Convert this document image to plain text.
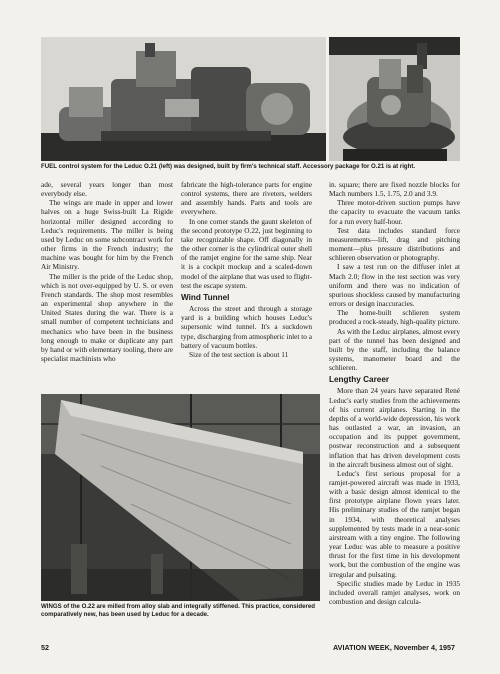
FUEL control system for the Leduc O.21 (left) was designed, built by firm's technical staff. Accessory package for O.21 is at right.

ade, several years longer than most everybody else.

The wings are made in upper and lower halves on a huge Swiss-built La Rigide horizontal miller designed according to Leduc's requirements. The miller is being used by Leduc on some subcontract work for other firms in the French industry; the machine was bought for him by the French Air Ministry.

The miller is the pride of the Leduc shop, which is not over-equipped by U. S. or even French standards. The shop most resembles an experimental shop anywhere in the United States during the war. There is a small number of competent technicians and mechanics who have been in the business long enough to make or duplicate any part by hand or with elementary tooling, there are specialist machinists who

fabricate the high-tolerance parts for engine control systems, there are riveters, welders and assembly hands. Parts and tools are everywhere.

In one corner stands the gaunt skeleton of the second prototype O.22, just beginning to take recognizable shape. Off diagonally in the other corner is the cylindrical outer shell of the ramjet engine for the same ship. Near it is a cockpit mockup and a scaled-down model of the airplane that was used to flight-test the escape system.

Wind Tunnel

Across the street and through a storage yard is a building which houses Leduc's supersonic wind tunnel. It's a suckdown type, discharging from atmospheric inlet to a battery of vacuum bottles.

Size of the test section is about 11

in. square; there are fixed nozzle blocks for Mach numbers 1.5, 1.75, 2.0 and 3.9.

Three motor-driven suction pumps have the capacity to evacuate the vacuum tanks for a run every half-hour.

Test data includes standard force measurements—lift, drag and pitching moment—plus pressure distributions and schlieren observation or photography.

I saw a test run on the diffuser inlet at Mach 2.0; flow in the test section was very uniform and there was no indication of spurious shockless caused by manufacturing errors or design inaccuracies.

The home-built schlieren system produced a rock-steady, high-quality picture.

As with the Leduc airplanes, almost every part of the tunnel has been designed and built by the staff, including the balance systems, manometer board and the schlieren.

Lengthy Career

More than 24 years have separated René Leduc's early studies from the achievements of his current airplanes. Starting in the depths of a world-wide depression, his work has outlasted a war, an invasion, an occupation and its puppet government, postwar reconstruction and a subsequent inflation that has driven development costs in the aircraft business almost out of sight.

Leduc's first serious proposal for a ramjet-powered aircraft was made in 1933, with a basic design almost identical to the first prototype airplane flown years later. His preliminary studies of the ramjet began in 1934, with theoretical analyses supplemented by tests made in a near-sonic airstream with a tiny engine. The following year Leduc was able to measure a positive thrust for the first time in his development work, but the combustion of the engine was irregular and pulsating.

Specific studies made by Leduc in 1935 included overall ramjet analyses, work on combustion and design calcula-

WINGS of the O.22 are milled from alloy slab and integrally stiffened. This practice, considered comparatively new, has been used by Leduc for a decade.
52	AVIATION WEEK, November 4, 1957
